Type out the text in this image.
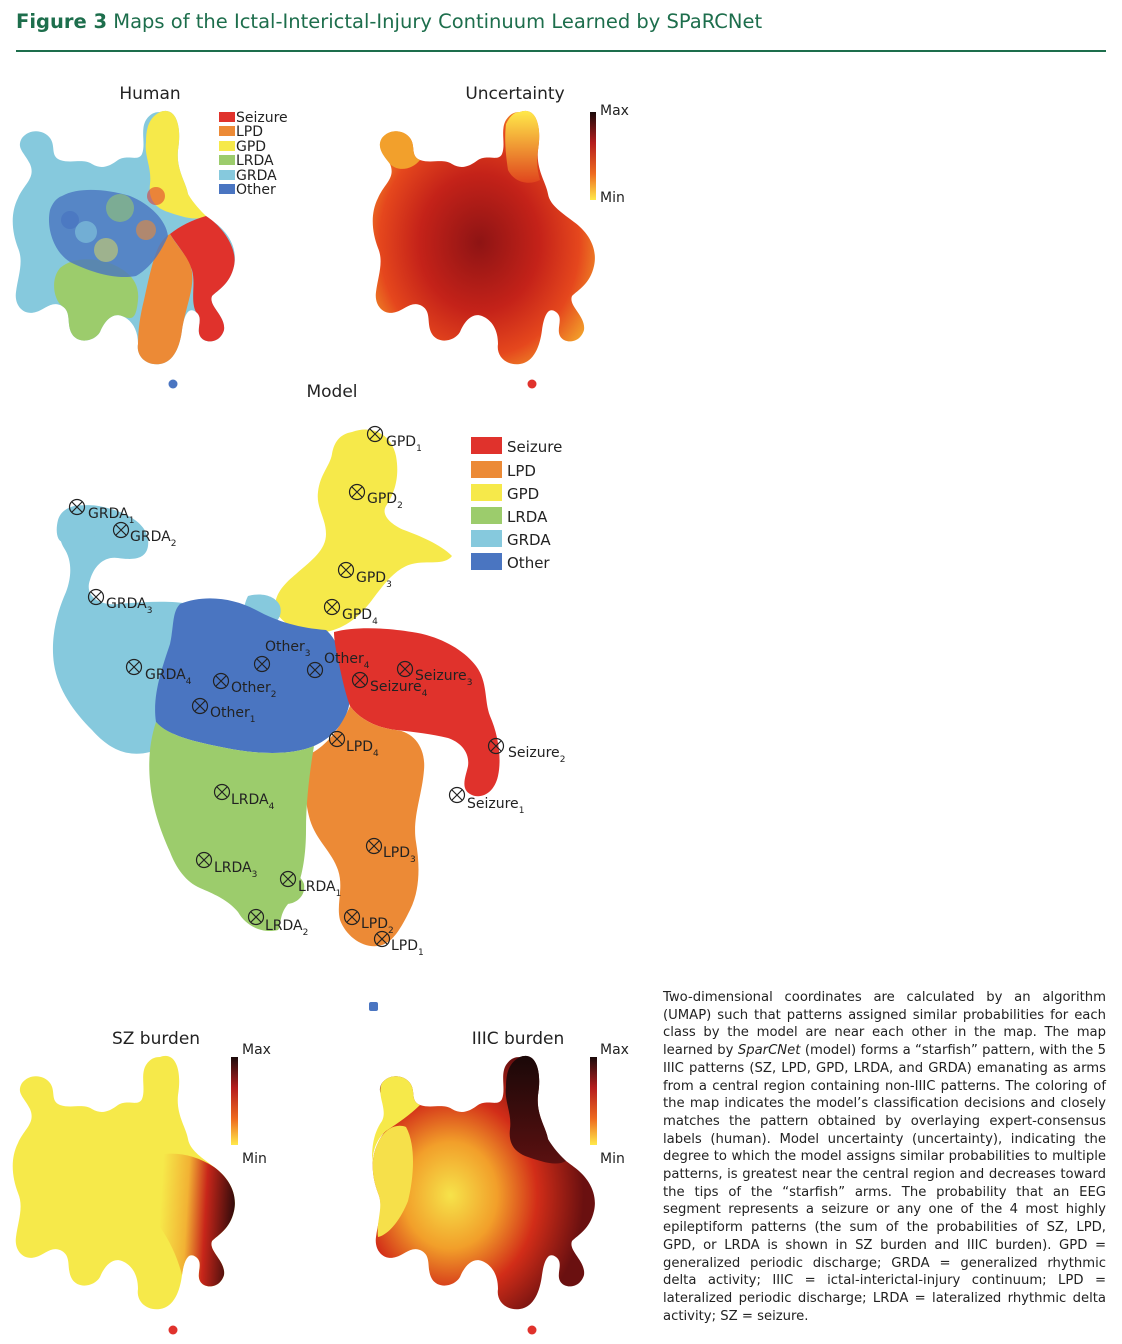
Figure 3 Maps of the Ictal-Interictal-Injury Continuum Learned by SPaRCNet
Human
Seizure
LPD
GPD
LRDA
GRDA
Other
Uncertainty
Max
Min
Model
$GPD_1$
$GPD_2$
$GPD_3$
$GPD_4$
$GRDA_1$
$GRDA_2$
$GRDA_3$
$GRDA_4$
Other$_3$ Other$_4$
Other$_2$
Other$_1$
Seizure$_3$
Seizure$_4$
Seizure$_2$
Seizure$_1$
$LPD_4$
$LPD_3$
$LPD_2$
$LPD_1$
$LRDA_4$
$LRDA_3$
$LRDA_1$
$LRDA_2$
Seizure
LPD
GPD
LRDA
GRDA
Other
SZ burden
Max
Min
IIIC burden
Max
Min
Two-dimensional coordinates are calculated by an algorithm (UMAP) such that patterns assigned similar probabilities for each class by the model are near each other in the map. The map learned by SparCNet (model) forms a “starfish” pattern, with the 5 IIIC patterns (SZ, LPD, GPD, LRDA, and GRDA) emanating as arms from a central region containing non-IIIC patterns. The coloring of the map indicates the model’s classification decisions and closely matches the pattern obtained by overlaying expert-consensus labels (human). Model uncertainty (uncertainty), indicating the degree to which the model assigns similar probabilities to multiple patterns, is greatest near the central region and decreases toward the tips of the “starfish” arms. The probability that an EEG segment represents a seizure or any one of the 4 most highly epileptiform patterns (the sum of the probabilities of SZ, LPD, GPD, or LRDA is shown in SZ burden and IIIC burden). GPD = generalized periodic discharge; GRDA = generalized rhythmic delta activity; IIIC = ictal-interictal-injury continuum; LPD = lateralized periodic discharge; LRDA = lateralized rhythmic delta activity; SZ = seizure.
